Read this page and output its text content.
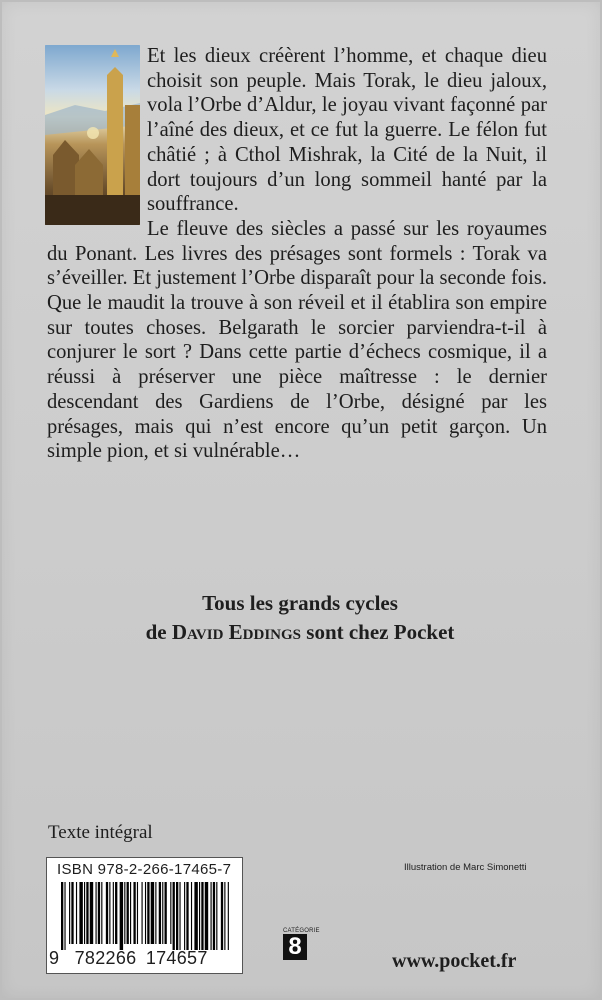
Et les dieux créèrent l’homme, et chaque dieu choisit son peuple. Mais Torak, le dieu jaloux, vola l’Orbe d’Aldur, le joyau vivant façonné par l’aîné des dieux, et ce fut la guerre. Le félon fut châtié ; à Cthol Mishrak, la Cité de la Nuit, il dort toujours d’un long sommeil hanté par la souffrance.

Le fleuve des siècles a passé sur les royaumes du Ponant. Les livres des présages sont formels : Torak va s’éveiller. Et justement l’Orbe disparaît pour la seconde fois. Que le maudit la trouve à son réveil et il établira son empire sur toutes choses. Belgarath le sorcier parviendra-t-il à conjurer le sort ? Dans cette partie d’échecs cosmique, il a réussi à préserver une pièce maîtresse : le dernier descendant des Gardiens de l’Orbe, désigné par les présages, mais qui n’est encore qu’un petit garçon. Un simple pion, et si vulnérable…

Tous les grands cycles
de David Eddings sont chez Pocket
Texte intégral
ISBN 978-2-266-17465-7
9 782266 174657
Illustration de Marc Simonetti
CATÉGORIE
8
www.pocket.fr
